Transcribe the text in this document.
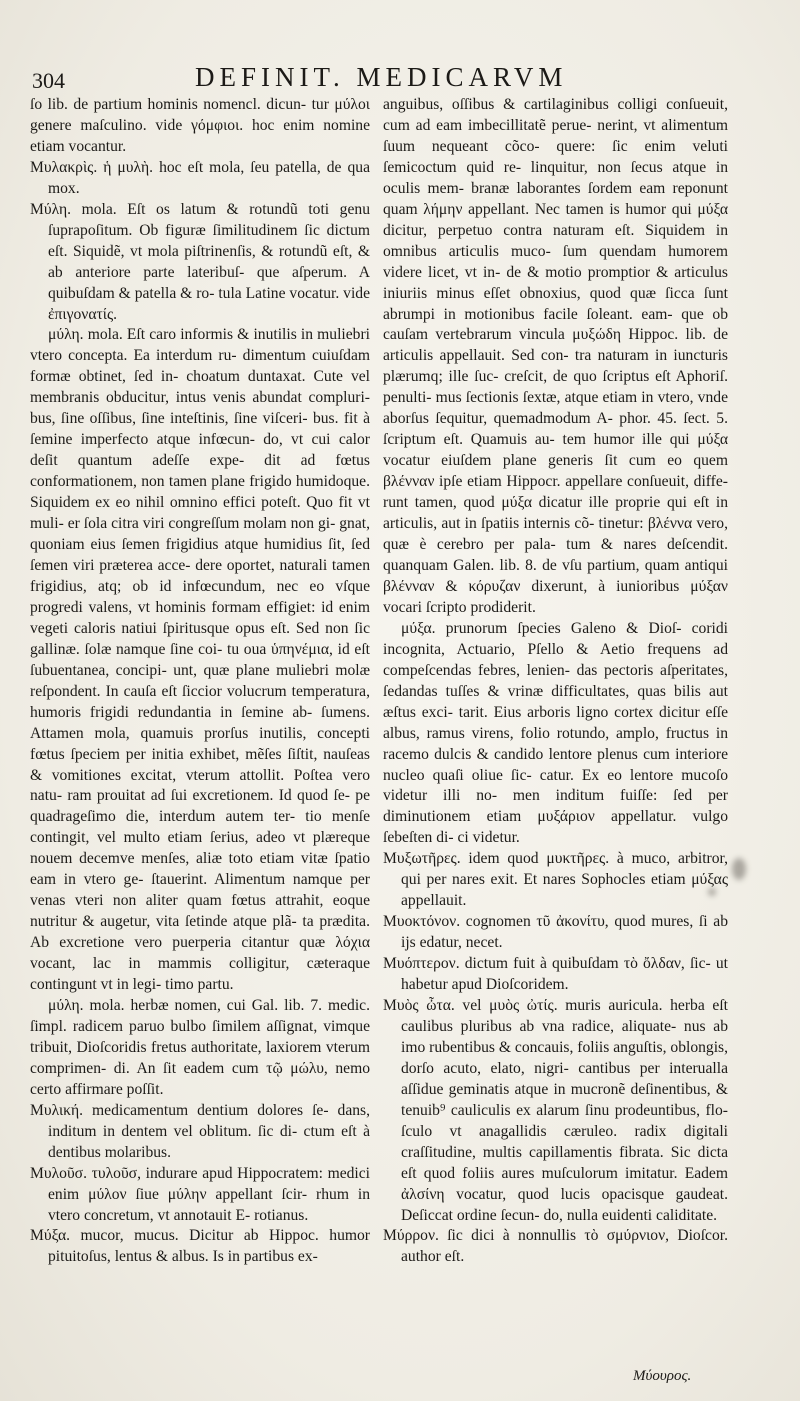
304	DEFINIT. MEDICARVM

ſo lib. de partium hominis nomencl. dicun- tur μύλοι genere maſculino. vide γόμφιοι. hoc enim nomine etiam vocantur.

Μυλακρὶς. ἡ μυλὴ. hoc eſt mola, ſeu patella, de qua mox.

Μύλη. mola. Eſt os latum & rotundũ toti genu ſuprapoſitum. Ob figuræ ſimilitudinem ſic dictum eſt. Siquidẽ, vt mola piſtrinenſis, & rotundũ eſt, & ab anteriore parte lateribuſ- que aſperum. A quibuſdam & patella & ro- tula Latine vocatur. vide ἐπιγονατίς.

μύλη. mola. Eſt caro informis & inutilis in muliebri vtero concepta. Ea interdum ru- dimentum cuiuſdam formæ obtinet, ſed in- choatum duntaxat. Cute vel membranis obducitur, intus venis abundat compluri- bus, ſine oſſibus, ſine inteſtinis, ſine viſceri- bus. fit à ſemine imperfecto atque infœcun- do, vt cui calor deſit quantum adeſſe expe- dit ad fœtus conformationem, non tamen plane frigido humidoque. Siquidem ex eo nihil omnino effici poteſt. Quo fit vt muli- er ſola citra viri congreſſum molam non gi- gnat, quoniam eius ſemen frigidius atque humidius ſit, ſed ſemen viri præterea acce- dere oportet, naturali tamen frigidius, atq; ob id infœcundum, nec eo vſque progredi valens, vt hominis formam effigiet: id enim vegeti caloris natiui ſpiritusque opus eſt. Sed non ſic gallinæ. ſolæ namque ſine coi- tu oua ὑπηνέμια, id eſt ſubuentanea, concipi- unt, quæ plane muliebri molæ reſpondent. In cauſa eſt ſiccior volucrum temperatura, humoris frigidi redundantia in ſemine ab- ſumens. Attamen mola, quamuis prorſus inutilis, concepti fœtus ſpeciem per initia exhibet, mẽſes ſiſtit, nauſeas & vomitiones excitat, vterum attollit. Poſtea vero natu- ram prouitat ad ſui excretionem. Id quod ſe- pe quadrageſimo die, interdum autem ter- tio menſe contingit, vel multo etiam ſerius, adeo vt plæreque nouem decemve menſes, aliæ toto etiam vitæ ſpatio eam in vtero ge- ſtauerint. Alimentum namque per venas vteri non aliter quam fœtus attrahit, eoque nutritur & augetur, vita ſetinde atque plã- ta prædita. Ab excretione vero puerperia citantur quæ λόχια vocant, lac in mammis colligitur, cæteraque contingunt vt in legi- timo partu.

μύλη. mola. herbæ nomen, cui Gal. lib. 7. medic. ſimpl. radicem paruo bulbo ſimilem aſſignat, vimque tribuit, Dioſcoridis fretus authoritate, laxiorem vterum comprimen- di. An ſit eadem cum τῷ μώλυ, nemo certo affirmare poſſit.

Μυλική. medicamentum dentium dolores ſe- dans, inditum in dentem vel oblitum. ſic di- ctum eſt à dentibus molaribus.

Μυλοῦσ. τυλοῦσ, indurare apud Hippocratem: medici enim μύλον ſiue μύλην appellant ſcir- rhum in vtero concretum, vt annotauit E- rotianus.

Μύξα. mucor, mucus. Dicitur ab Hippoc. humor pituitoſus, lentus & albus. Is in partibus ex-

anguibus, oſſibus & cartilaginibus colligi conſueuit, cum ad eam imbecillitatẽ perue- nerint, vt alimentum ſuum nequeant cõco- quere: ſic enim veluti ſemicoctum quid re- linquitur, non ſecus atque in oculis mem- branæ laborantes ſordem eam reponunt quam λήμην appellant. Nec tamen is humor qui μύξα dicitur, perpetuo contra naturam eſt. Siquidem in omnibus articulis muco- ſum quendam humorem videre licet, vt in- de & motio promptior & articulus iniuriis minus eſſet obnoxius, quod quæ ſicca ſunt abrumpi in motionibus facile ſoleant. eam- que ob cauſam vertebrarum vincula μυξώδη Hippoc. lib. de articulis appellauit. Sed con- tra naturam in iuncturis plærumq; ille ſuc- creſcit, de quo ſcriptus eſt Aphoriſ. penulti- mus ſectionis ſextæ, atque etiam in vtero, vnde aborſus ſequitur, quemadmodum A- phor. 45. ſect. 5. ſcriptum eſt. Quamuis au- tem humor ille qui μύξα vocatur eiuſdem plane generis ſit cum eo quem βλένναν ipſe etiam Hippocr. appellare conſueuit, diffe- runt tamen, quod μύξα dicatur ille proprie qui eſt in articulis, aut in ſpatiis internis cõ- tinetur: βλέννα vero, quæ è cerebro per pala- tum & nares deſcendit. quanquam Galen. lib. 8. de vſu partium, quam antiqui βλένναν & κόρυζαν dixerunt, à iunioribus μύξαν vocari ſcripto prodiderit.

μύξα. prunorum ſpecies Galeno & Dioſ- coridi incognita, Actuario, Pſello & Aetio frequens ad compeſcendas febres, lenien- das pectoris aſperitates, ſedandas tuſſes & vrinæ difficultates, quas bilis aut æſtus exci- tarit. Eius arboris ligno cortex dicitur eſſe albus, ramus virens, folio rotundo, amplo, fructus in racemo dulcis & candido lentore plenus cum interiore nucleo quaſi oliue ſic- catur. Ex eo lentore mucoſo videtur illi no- men inditum fuiſſe: ſed per diminutionem etiam μυξάριον appellatur. vulgo ſebeſten di- ci videtur.

Μυξωτῆρες. idem quod μυκτῆρες. à muco, arbitror, qui per nares exit. Et nares Sophocles etiam μύξας appellauit.

Μυοκτόνον. cognomen τῦ ἀκονίτυ, quod mures, ſi ab ijs edatur, necet.

Μυόπτερον. dictum fuit à quibuſdam τὸ ὄλδαν, ſic- ut habetur apud Dioſcoridem.

Μυὸς ὦτα. vel μυὸς ὠτίς. muris auricula. herba eſt caulibus pluribus ab vna radice, aliquate- nus ab imo rubentibus & concauis, foliis anguſtis, oblongis, dorſo acuto, elato, nigri- cantibus per interualla aſſidue geminatis atque in mucronẽ deſinentibus, & tenuib⁹ cauliculis ex alarum ſinu prodeuntibus, flo- ſculo vt anagallidis cæruleo. radix digitali craſſitudine, multis capillamentis fibrata. Sic dicta eſt quod foliis aures muſculorum imitatur. Eadem ἀλσίνη vocatur, quod lucis opacisque gaudeat. Deſiccat ordine ſecun- do, nulla euidenti caliditate.

Μύρρον. ſic dici à nonnullis τὸ σμύρνιον, Dioſcor. author eſt.

Μύουρος.
